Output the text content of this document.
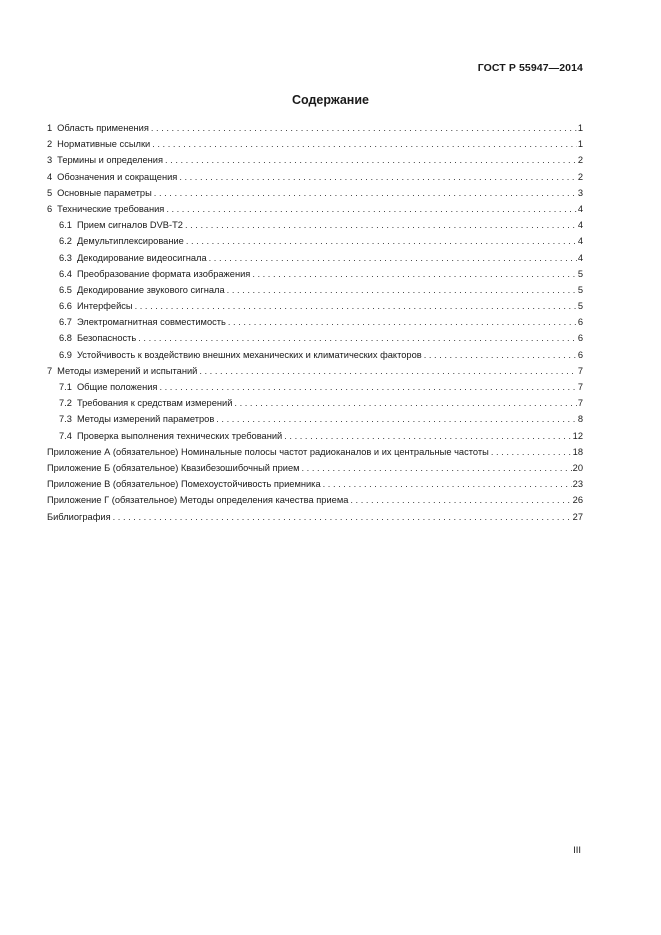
ГОСТ Р 55947—2014
Содержание
1 Область применения . . .	1
2 Нормативные ссылки . . .	1
3 Термины и определения . . .	2
4 Обозначения и сокращения . . .	2
5 Основные параметры . . .	3
6 Технические требования . . .	4
6.1 Прием сигналов DVB-T2 . . .	4
6.2 Демультиплексирование . . .	4
6.3 Декодирование видеосигнала . . .	4
6.4 Преобразование формата изображения . . .	5
6.5 Декодирование звукового сигнала . . .	5
6.6 Интерфейсы . . .	5
6.7 Электромагнитная совместимость . . .	6
6.8 Безопасность . . .	6
6.9 Устойчивость к воздействию внешних механических и климатических факторов . . .	6
7 Методы измерений и испытаний . . .	7
7.1 Общие положения . . .	7
7.2 Требования к средствам измерений . . .	7
7.3 Методы измерений параметров . . .	8
7.4 Проверка выполнения технических требований . . .	12
Приложение А (обязательное) Номинальные полосы частот радиоканалов и их центральные частоты . . .	18
Приложение Б (обязательное) Квазибезошибочный прием . . .	20
Приложение В (обязательное) Помехоустойчивость приемника . . .	23
Приложение Г (обязательное) Методы определения качества приема . . .	26
Библиография . . .	27
III
